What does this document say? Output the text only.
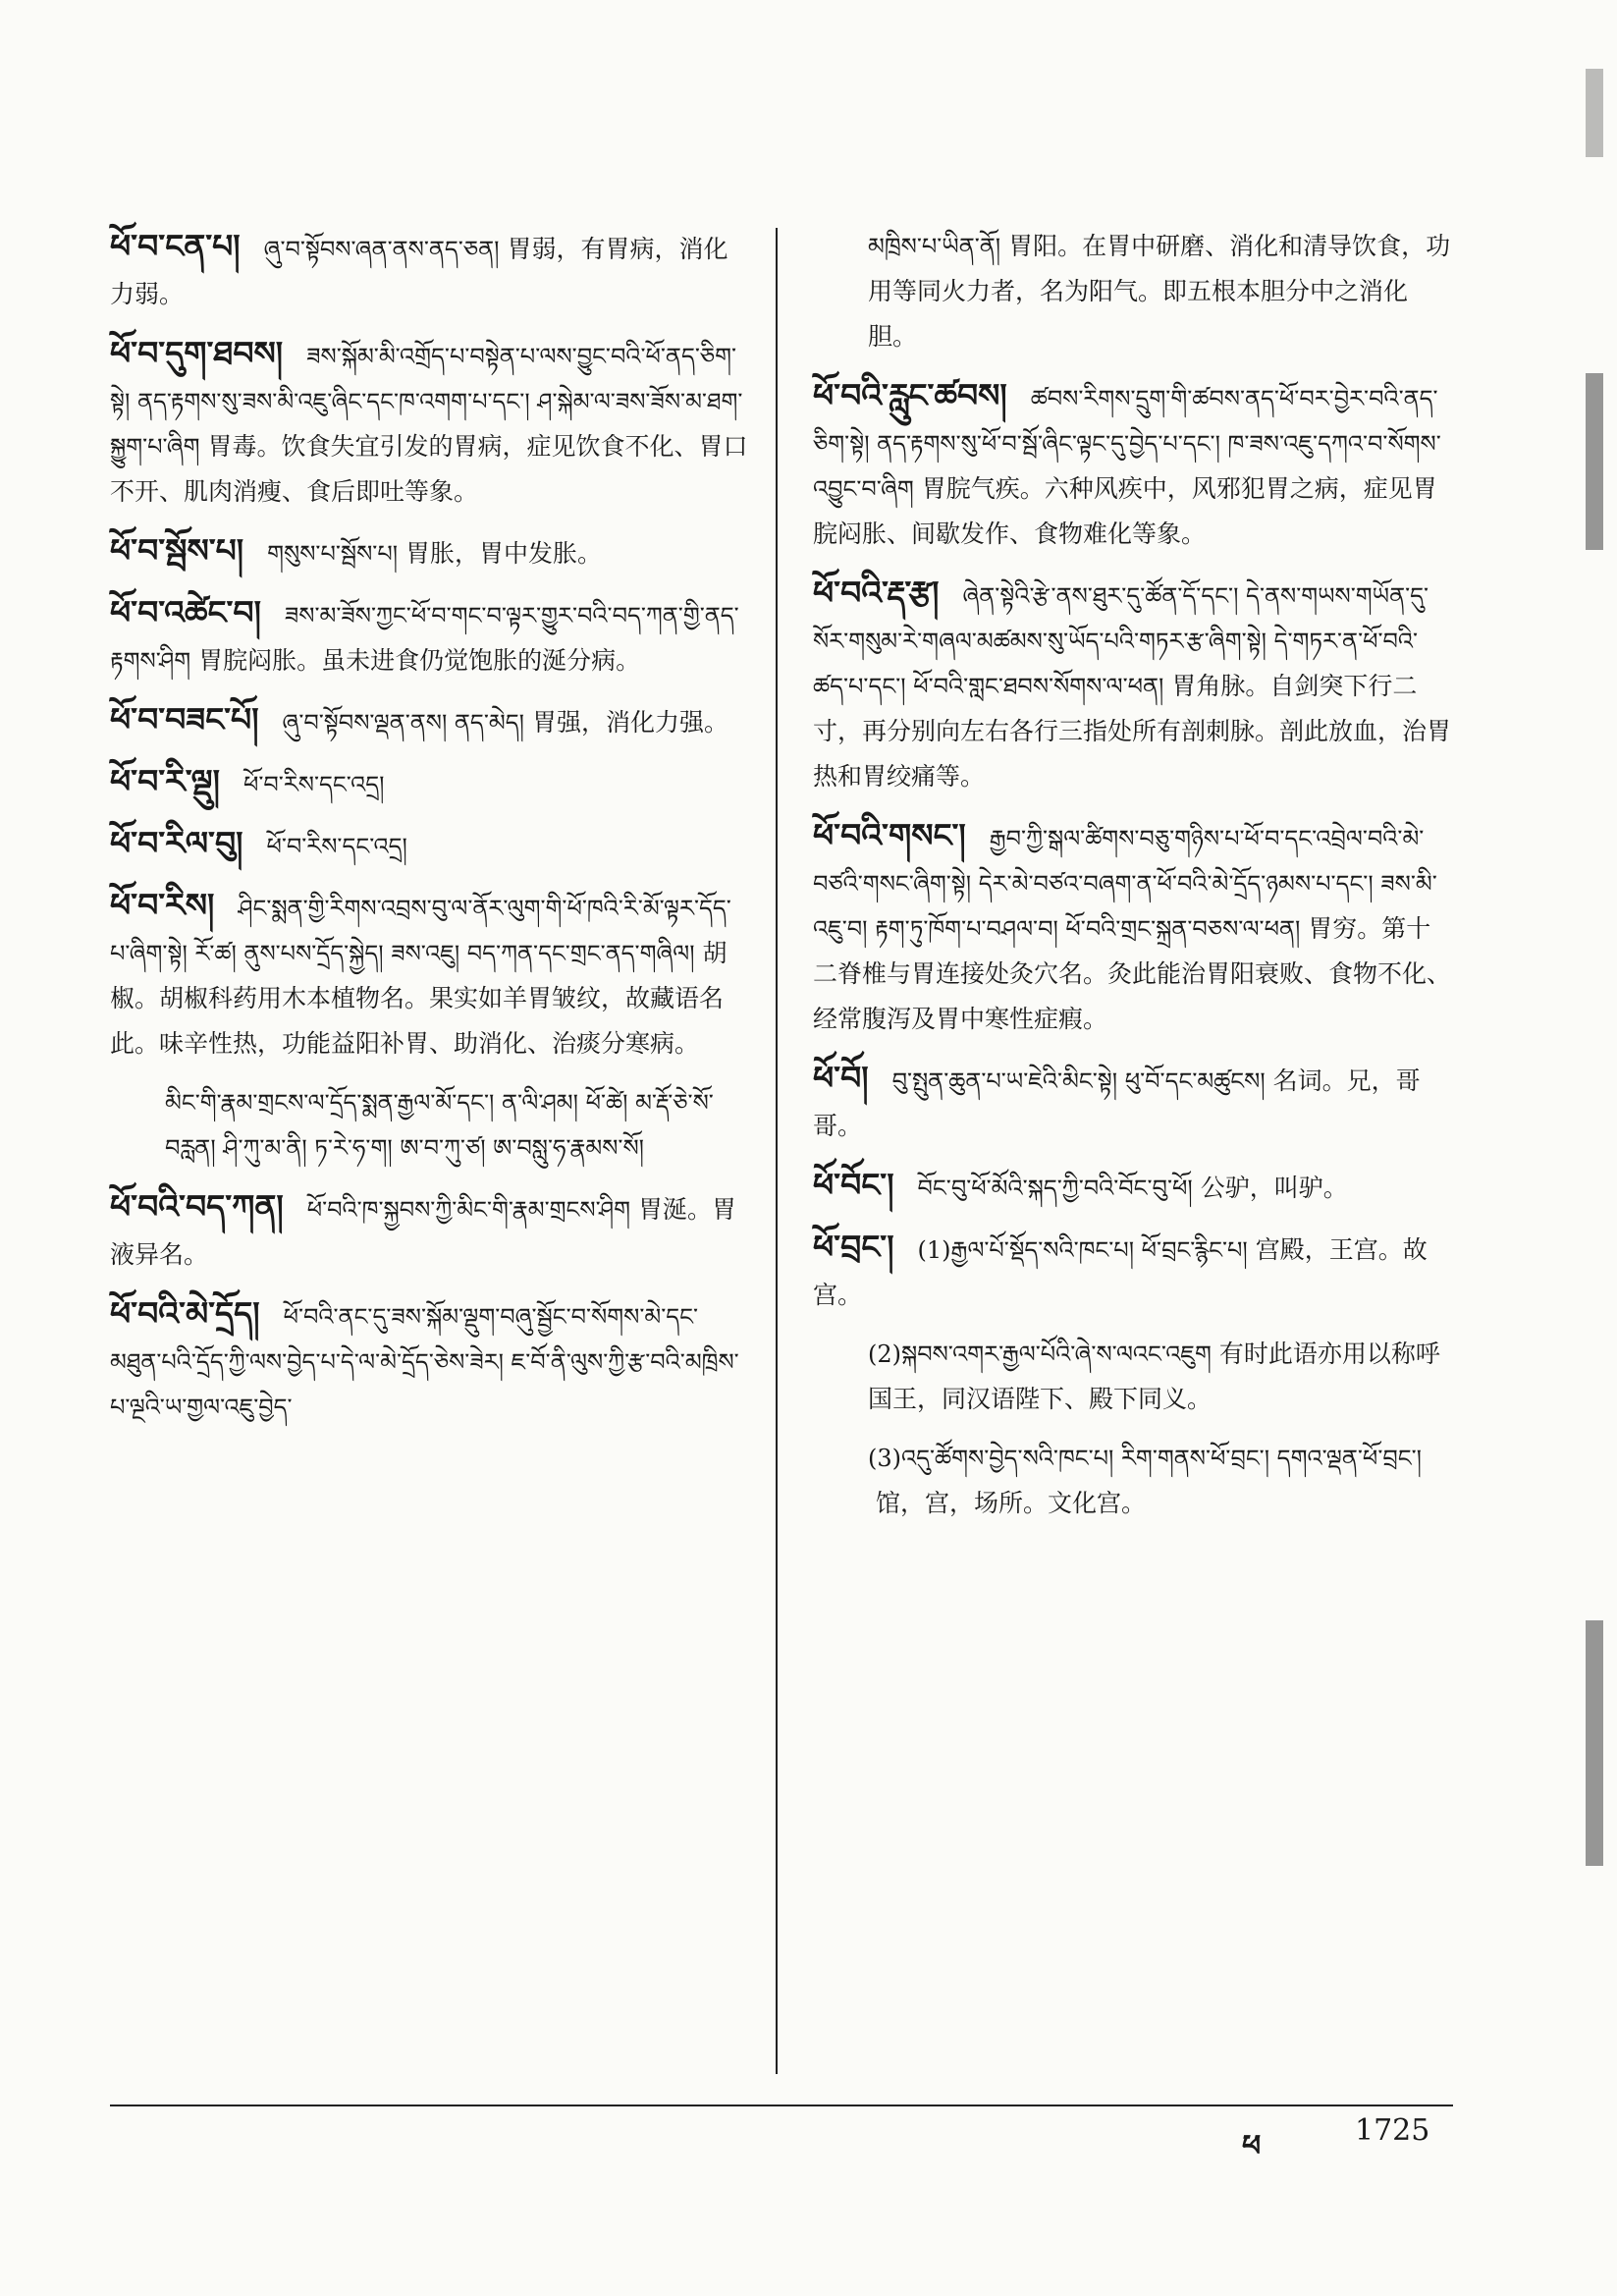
ཕོ་བ་ངན་པ། ཞུ་བ་སྟོབས་ཞན་ནས་ནད་ཅན། 胃弱，有胃病，消化力弱。

ཕོ་བ་དུག་ཐབས། ཟས་སྐོམ་མི་འགྲོད་པ་བསྟེན་པ་ལས་བྱུང་བའི་ཕོ་ནད་ཅིག་སྟེ། ནད་རྟགས་སུ་ཟས་མི་འཇུ་ཞིང་དང་ཁ་འགག་པ་དང་། ཤ་སྐེམ་ལ་ཟས་ཟོས་མ་ཐག་སྐྱུག་པ་ཞིག 胃毒。饮食失宜引发的胃病，症见饮食不化、胃口不开、肌肉消瘦、食后即吐等象。

ཕོ་བ་སྦོས་པ། གསུས་པ་སྦོས་པ། 胃胀，胃中发胀。

ཕོ་བ་འཚེང་བ། ཟས་མ་ཟོས་ཀྱང་ཕོ་བ་གང་བ་ལྟར་གྱུར་བའི་བད་ཀན་གྱི་ནད་རྟགས་ཤིག 胃脘闷胀。虽未进食仍觉饱胀的涎分病。

ཕོ་བ་བཟང་པོ། ཞུ་བ་སྟོབས་ལྡན་ནས། ནད་མེད། 胃强，消化力强。

ཕོ་བ་རི་ལྡུ། ཕོ་བ་རིས་དང་འདྲ།

ཕོ་བ་རིལ་བུ། ཕོ་བ་རིས་དང་འདྲ།

ཕོ་བ་རིས། ཤིང་སྨན་གྱི་རིགས་འབྲས་བུ་ལ་ནོར་ལུག་གི་ཕོ་ཁའི་རི་མོ་ལྟར་དོད་པ་ཞིག་སྟེ། རོ་ཚ། ནུས་པས་དྲོད་སྐྱེད། ཟས་འཇུ། བད་ཀན་དང་གྲང་ནད་གཞིལ། 胡椒。胡椒科药用木本植物名。果实如羊胃皱纹，故藏语名此。味辛性热，功能益阳补胃、助消化、治痰分寒病。

མིང་གི་རྣམ་གྲངས་ལ་དྲོད་སྨན་རྒྱལ་མོ་དང་། ན་ལི་ཤམ། ཕོ་ཚེ། མ་རྡོ་ཅེ་སོ་བརླན། ཤི་ཀུ་མ་ནི། ཏ་རེ་ཧ་ག། ཨ་བ་ཀུ་ཙ། ཨ་བསླུ་ཧ་རྣམས་སོ།

ཕོ་བའི་བད་ཀན། ཕོ་བའི་ཁ་སྐྱབས་ཀྱི་མིང་གི་རྣམ་གྲངས་ཤིག 胃涎。胃液异名。

ཕོ་བའི་མེ་དྲོད། ཕོ་བའི་ནང་དུ་ཟས་སྐོམ་ལྡུག་བཞུ་སྦྱོང་བ་སོགས་མེ་དང་མཐུན་པའི་དྲོད་ཀྱི་ལས་བྱེད་པ་དེ་ལ་མེ་དྲོད་ཅེས་ཟེར། ཇ་བོ་ནི་ལུས་ཀྱི་རྩ་བའི་མཁྲིས་པ་ལྔའི་ཡ་གྱལ་འཇུ་བྱེད་

མཁྲིས་པ་ཡིན་ནོ། 胃阳。在胃中研磨、消化和清导饮食，功用等同火力者，名为阳气。即五根本胆分中之消化胆。

ཕོ་བའི་རླུང་ཚབས། ཚབས་རིགས་དྲུག་གི་ཚབས་ནད་ཕོ་བར་བྱེར་བའི་ནད་ཅིག་སྟེ། ནད་རྟགས་སུ་ཕོ་བ་སྦོ་ཞིང་ལྟང་དུ་བྱེད་པ་དང་། ཁ་ཟས་འཇུ་དཀའ་བ་སོགས་འབྱུང་བ་ཞིག 胃脘气疾。六种风疾中，风邪犯胃之病，症见胃脘闷胀、间歇发作、食物难化等象。

ཕོ་བའི་རྡ་རྩ། ཞེན་སྟེའི་རྩེ་ནས་ཐུར་དུ་ཚོན་དོ་དང་། དེ་ནས་གཡས་གཡོན་དུ་སོར་གསུམ་རེ་གཞལ་མཚམས་སུ་ཡོད་པའི་གཏར་རྩ་ཞིག་སྟེ། དེ་གཏར་ན་ཕོ་བའི་ཚད་པ་དང་། ཕོ་བའི་གླང་ཐབས་སོགས་ལ་ཕན། 胃角脉。自剑突下行二寸，再分别向左右各行三指处所有剖刺脉。剖此放血，治胃热和胃绞痛等。

ཕོ་བའི་གསང་། རྒྱབ་ཀྱི་སྒལ་ཚིགས་བཅུ་གཉིས་པ་ཕོ་བ་དང་འབྲེལ་བའི་མེ་བཙའི་གསང་ཞིག་སྟེ། དེར་མེ་བཙའ་བཞག་ན་ཕོ་བའི་མེ་དྲོད་ཉམས་པ་དང་། ཟས་མི་འཇུ་བ། རྟག་ཏུ་ཁོག་པ་བཤལ་བ། ཕོ་བའི་གྲང་སྐྲན་བཅས་ལ་ཕན། 胃穷。第十二脊椎与胃连接处灸穴名。灸此能治胃阳衰败、食物不化、经常腹泻及胃中寒性症瘕。

ཕོ་བོ། བུ་སྤུན་ཆུན་པ་ཡ་ཇེའི་མིང་སྟེ། ཕུ་བོ་དང་མཚུངས། 名词。兄，哥哥。

ཕོ་བོང་། བོང་བུ་ཕོ་མོའི་སྐད་ཀྱི་བའི་བོང་བུ་ཕོ། 公驴，叫驴。

ཕོ་བྲང་། (1)རྒྱལ་པོ་སྡོད་སའི་ཁང་པ། ཕོ་བྲང་རྙིང་པ། 宫殿，王宫。故宫。

(2)སྐབས་འགར་རྒྱལ་པོའི་ཞེ་ས་ལའང་འཇུག 有时此语亦用以称呼国王，同汉语陛下、殿下同义。

(3)འདུ་ཚོགས་བྱེད་སའི་ཁང་པ། རིག་གནས་ཕོ་བྲང་། དགའ་ལྡན་ཕོ་བྲང་།馆，宫，场所。文化宫。

ཕ	1725
